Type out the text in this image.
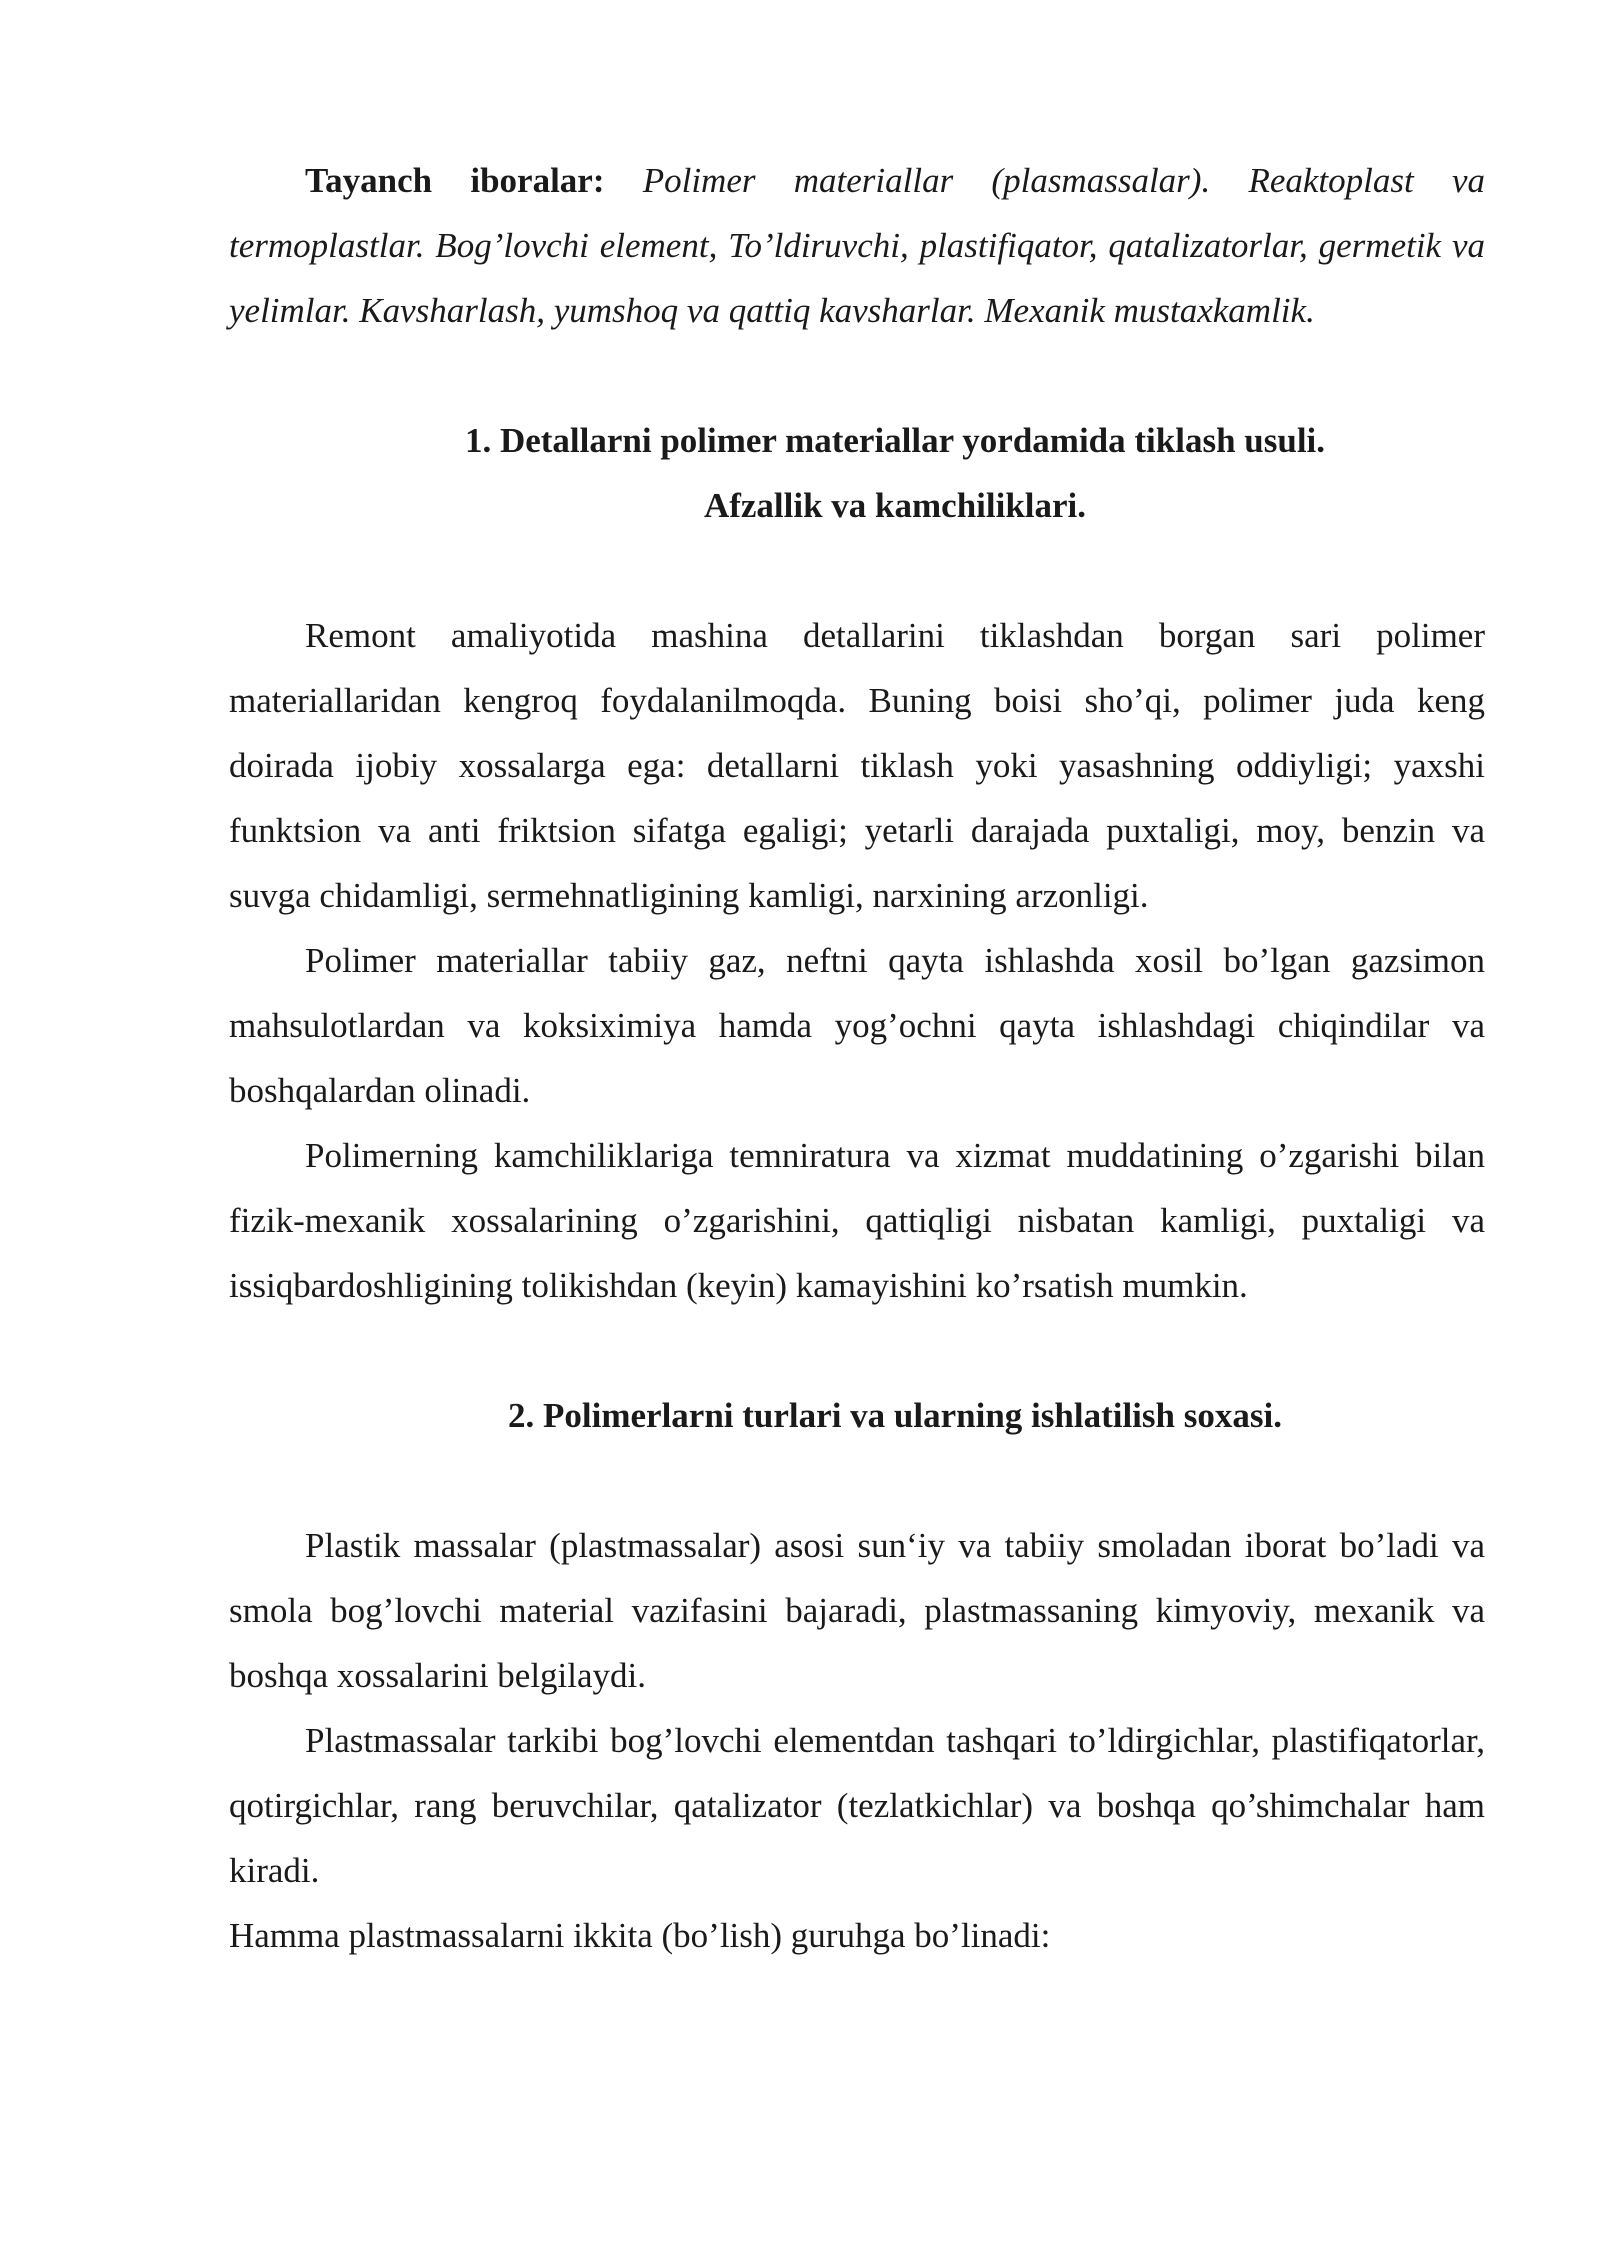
Tayanch iboralar: Polimer materiallar (plasmassalar). Reaktoplast va termoplastlar. Bog’lovchi element, To’ldiruvchi, plastifiqator, qatalizatorlar, germetik va yelimlar. Kavsharlash, yumshoq va qattiq kavsharlar. Mexanik mustaxkamlik.

1. Detallarni polimer materiallar yordamida tiklash usuli.

Afzallik va kamchiliklari.

Remont amaliyotida mashina detallarini tiklashdan borgan sari polimer materiallaridan kengroq foydalanilmoqda. Buning boisi sho’qi, polimer juda keng doirada ijobiy xossalarga ega: detallarni tiklash yoki yasashning oddiyligi; yaxshi funktsion va anti friktsion sifatga egaligi; yetarli darajada puxtaligi, moy, benzin va suvga chidamligi, sermehnatligining kamligi, narxining arzonligi.

Polimer materiallar tabiiy gaz, neftni qayta ishlashda xosil bo’lgan gazsimon mahsulotlardan va koksiximiya hamda yog’ochni qayta ishlashdagi chiqindilar va boshqalardan olinadi.

Polimerning kamchiliklariga temniratura va xizmat muddatining o’zgarishi bilan fizik-mexanik xossalarining o’zgarishini, qattiqligi nisbatan kamligi, puxtaligi va issiqbardoshligining tolikishdan (keyin) kamayishini ko’rsatish mumkin.

2. Polimerlarni turlari va ularning ishlatilish soxasi.

Plastik massalar (plastmassalar) asosi sun‘iy va tabiiy smoladan iborat bo’ladi va smola bog’lovchi material vazifasini bajaradi, plastmassaning kimyoviy, mexanik va boshqa xossalarini belgilaydi.

Plastmassalar tarkibi bog’lovchi elementdan tashqari to’ldirgichlar, plastifiqatorlar, qotirgichlar, rang beruvchilar, qatalizator (tezlatkichlar) va boshqa qo’shimchalar ham kiradi.

Hamma plastmassalarni ikkita (bo’lish) guruhga bo’linadi:
